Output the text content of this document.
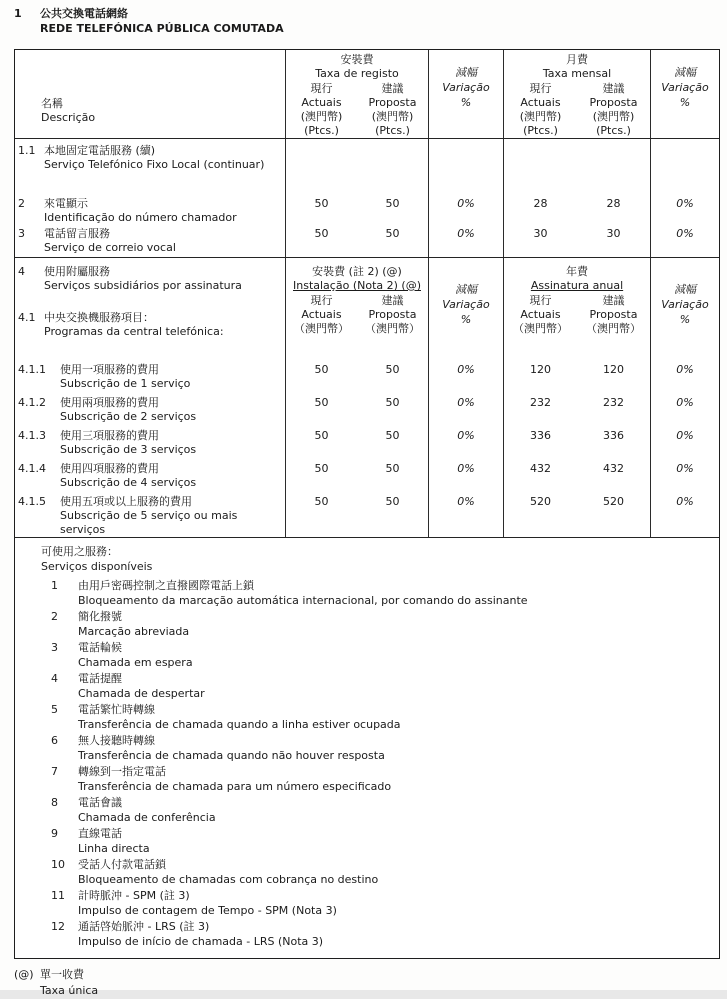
1	公共交換電話網絡
REDE TELEFÓNICA PÚBLICA COMUTADA
名稱
Descrição
安裝費
Taxa de registo
現行
Actuais
(澳門幣)
(Ptcs.)
建議
Proposta
(澳門幣)
(Ptcs.)
減幅
Variação
%
月費
Taxa mensal
現行
Actuais
(澳門幣)
(Ptcs.)
建議
Proposta
(澳門幣)
(Ptcs.)
減幅
Variação
%
1.1 本地固定電話服務 (續)
Serviço Telefónico Fixo Local (continuar)
2	來電顯示
Identificação do número chamador
50	50	0%	28	28	0%
3	電話留言服務
Serviço de correio vocal
50	50	0%	30	30	0%
4	使用附屬服務
Serviços subsidiários por assinatura
4.1 中央交換機服務項目：
Programas da central telefónica:
安裝費 (註 2) (@)
Instalação (Nota 2) (@)
現行
Actuais
（澳門幣）
建議
Proposta
（澳門幣）
減幅
Variação
%
年費
Assinatura anual
現行
Actuais
（澳門幣）
建議
Proposta
（澳門幣）
減幅
Variação
%
4.1.1	使用一項服務的費用
Subscrição de 1 serviço
50	50	0%	120	120	0%
4.1.2	使用兩項服務的費用
Subscrição de 2 serviços
50	50	0%	232	232	0%
4.1.3	使用三項服務的費用
Subscrição de 3 serviços
50	50	0%	336	336	0%
4.1.4	使用四項服務的費用
Subscrição de 4 serviços
50	50	0%	432	432	0%
4.1.5	使用五項或以上服務的費用
Subscrição de 5 serviço ou mais serviços
50	50	0%	520	520	0%
可使用之服務：
Serviços disponíveis
1	由用戶密碼控制之直撥國際電話上鎖
Bloqueamento da marcação automática internacional, por comando do assinante
2	簡化撥號
Marcação abreviada
3	電話輪候
Chamada em espera
4	電話提醒
Chamada de despertar
5	電話繁忙時轉線
Transferência de chamada quando a linha estiver ocupada
6	無人接聽時轉線
Transferência de chamada quando não houver resposta
7	轉線到一指定電話
Transferência de chamada para um número especificado
8	電話會議
Chamada de conferência
9	直線電話
Linha directa
10	受話人付款電話鎖
Bloqueamento de chamadas com cobrança no destino
11	計時脈沖 - SPM (註 3)
Impulso de contagem de Tempo - SPM (Nota 3)
12	通話啓始脈沖 - LRS (註 3)
Impulso de início de chamada - LRS (Nota 3)
(@) 單一收費
Taxa única
